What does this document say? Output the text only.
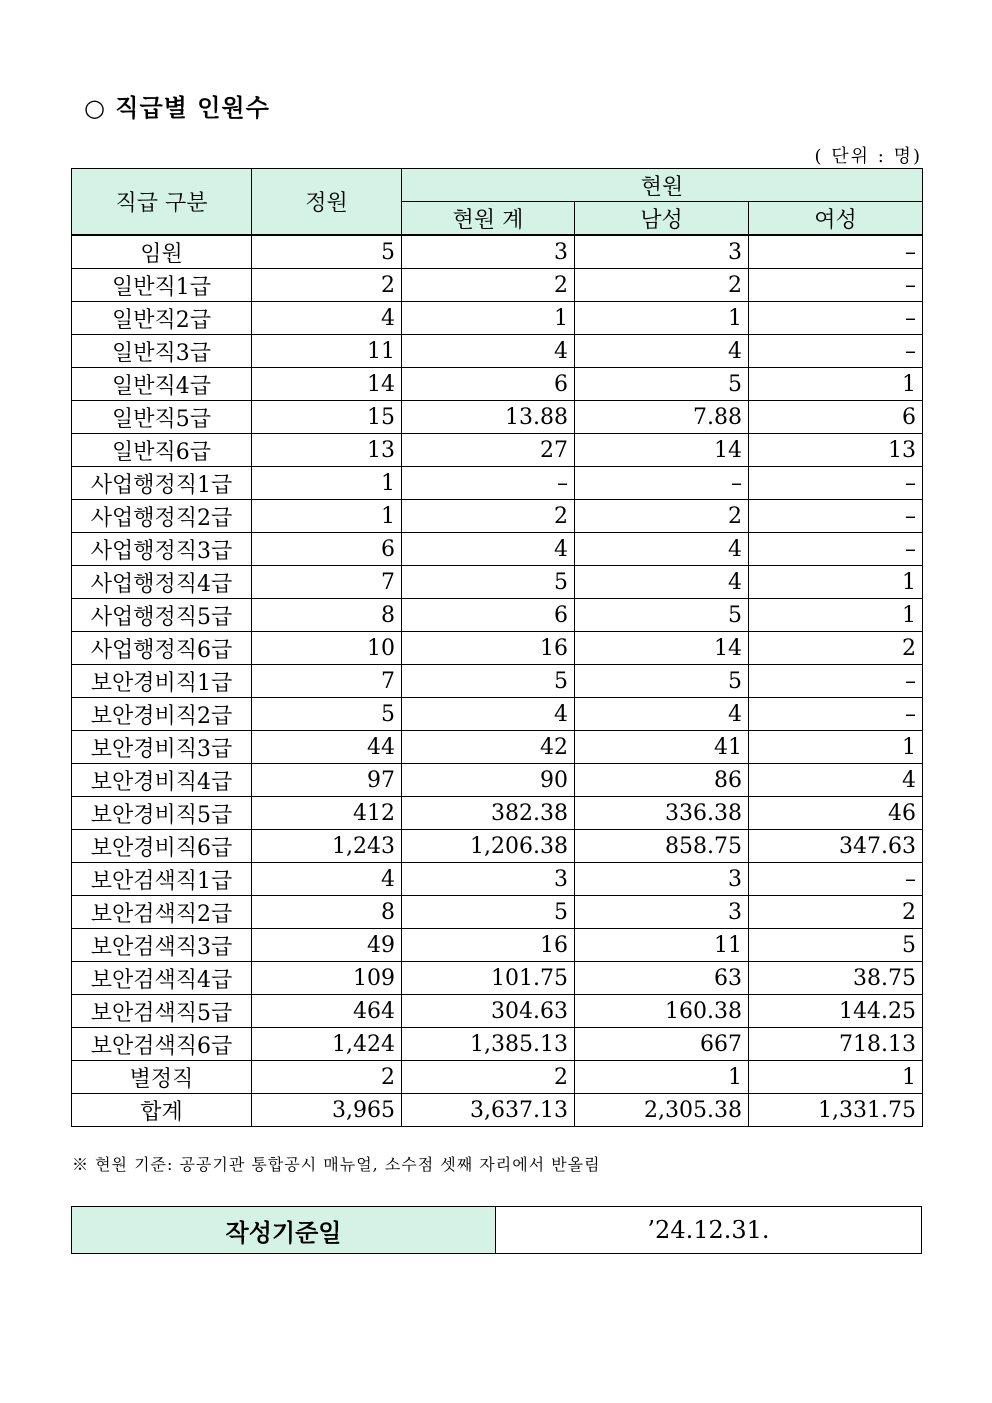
○ 직급별 인원수
( 단위 : 명)
직급 구분	정원	현원		
		현원 계	남성	여성
임원	5	3	3	–
일반직1급	2	2	2	–
일반직2급	4	1	1	–
일반직3급	11	4	4	–
일반직4급	14	6	5	1
일반직5급	15	13.88	7.88	6
일반직6급	13	27	14	13
사업행정직1급	1	–	–	–
사업행정직2급	1	2	2	–
사업행정직3급	6	4	4	–
사업행정직4급	7	5	4	1
사업행정직5급	8	6	5	1
사업행정직6급	10	16	14	2
보안경비직1급	7	5	5	–
보안경비직2급	5	4	4	–
보안경비직3급	44	42	41	1
보안경비직4급	97	90	86	4
보안경비직5급	412	382.38	336.38	46
보안경비직6급	1,243	1,206.38	858.75	347.63
보안검색직1급	4	3	3	–
보안검색직2급	8	5	3	2
보안검색직3급	49	16	11	5
보안검색직4급	109	101.75	63	38.75
보안검색직5급	464	304.63	160.38	144.25
보안검색직6급	1,424	1,385.13	667	718.13
별정직	2	2	1	1
합계	3,965	3,637.13	2,305.38	1,331.75
※ 현원 기준: 공공기관 통합공시 매뉴얼, 소수점 셋째 자리에서 반올림
작성기준일	’24.12.31.
